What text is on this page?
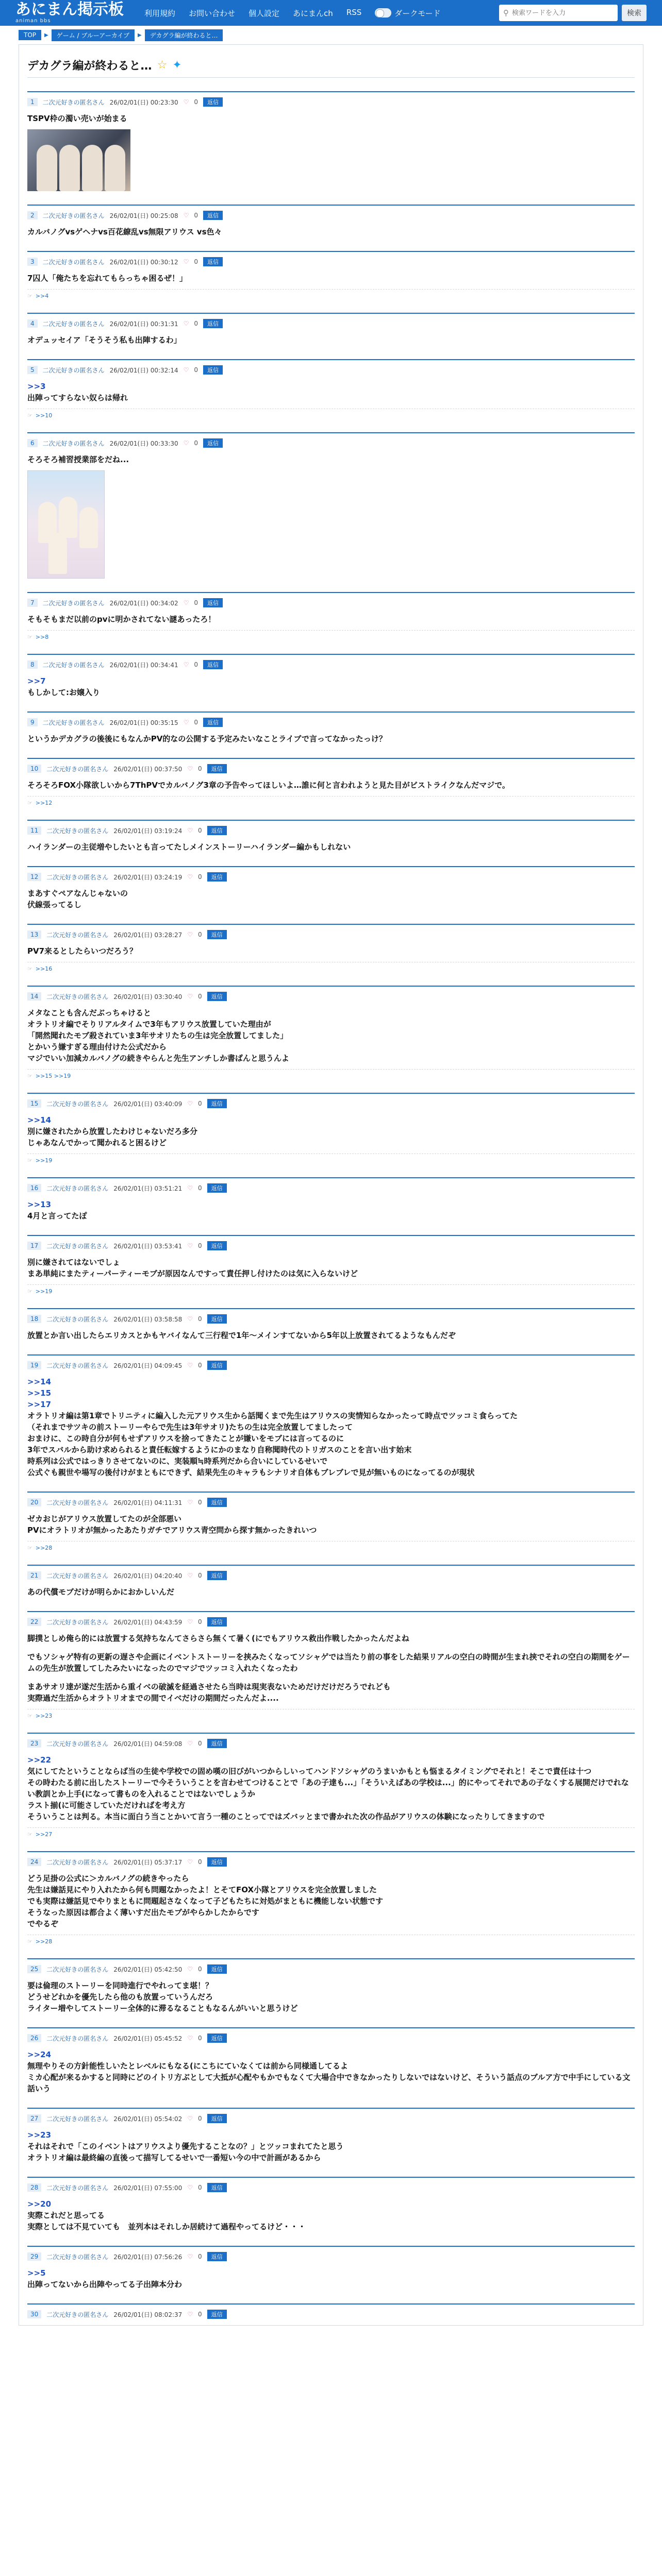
あにまん掲示板
animan bbs
利用規約 お問い合わせ 個人設定 あにまんch RSS	ダークモード	⚲
検索ワードを入力	検索
TOP	▶	ゲーム / ブルーアーカイブ	▶	デカグラ編が終わると…
デカグラ編が終わると… ☆ ✦
1	二次元好きの匿名さん 26/02/01(日) 00:23:30 ♡ 0	返信
TSPV枠の濁い売いが始まる
2	二次元好きの匿名さん 26/02/01(日) 00:25:08 ♡ 0	返信
カルバノグvsゲヘナvs百花繚乱vs無限アリウス vs色々
3	二次元好きの匿名さん 26/02/01(日) 00:30:12 ♡ 0	返信
7囚人「俺たちを忘れてもらっちゃ困るぜ！」
☞ >>4
4	二次元好きの匿名さん 26/02/01(日) 00:31:31 ♡ 0	返信
オデュッセイア「そうそう私も出陣するわ」
5	二次元好きの匿名さん 26/02/01(日) 00:32:14 ♡ 0	返信
>>3
出陣ってすらない奴らは帰れ
☞ >>10
6	二次元好きの匿名さん 26/02/01(日) 00:33:30 ♡ 0	返信
そろそろ補習授業部をだね...
7	二次元好きの匿名さん 26/02/01(日) 00:34:02 ♡ 0	返信
そもそもまだ以前のpvに明かされてない謎あったろ！
☞ >>8
8	二次元好きの匿名さん 26/02/01(日) 00:34:41 ♡ 0	返信
>>7
もしかして:お嬢入り
9	二次元好きの匿名さん 26/02/01(日) 00:35:15 ♡ 0	返信
というかデカグラの後後にもなんかPV的なの公開する予定みたいなことライブで言ってなかったっけ？
10	二次元好きの匿名さん 26/02/01(日) 00:37:50 ♡ 0	返信
そろそろFOX小隊欲しいから7ThPVでカルバノグ3章の予告やってほしいよ…誰に何と言われようと見た目がビストライクなんだマジで。
☞ >>12
11	二次元好きの匿名さん 26/02/01(日) 03:19:24 ♡ 0	返信
ハイランダーの主従増やしたいとも言ってたしメインストーリーハイランダー編かもしれない
12	二次元好きの匿名さん 26/02/01(日) 03:24:19 ♡ 0	返信
まあすぐペアなんじゃないの
伏線張ってるし
13	二次元好きの匿名さん 26/02/01(日) 03:28:27 ♡ 0	返信
PV7来るとしたらいつだろう？
☞ >>16
14	二次元好きの匿名さん 26/02/01(日) 03:30:40 ♡ 0	返信
メタなことも含んだぶっちゃけると
オラトリオ編でそりリアルタイムで3年もアリウス放置していた理由が
「開然聞れたモブ殺されていま3年サオリたちの生は完全放置してました」
とかいう嫌すぎる理由付けた公式だから
マジでいい加減カルバノグの続きやらんと先生アンチしか書ばんと思うんよ
☞ >>15 >>19
15	二次元好きの匿名さん 26/02/01(日) 03:40:09 ♡ 0	返信
>>14
別に嫌されたから放置したわけじゃないだろ多分
じゃあなんでかって聞かれると困るけど
☞ >>19
16	二次元好きの匿名さん 26/02/01(日) 03:51:21 ♡ 0	返信
>>13
4月と言ってたぽ
17	二次元好きの匿名さん 26/02/01(日) 03:53:41 ♡ 0	返信
別に嫌されてはないでしょ
まあ単純にまたティーパーティーモブが原因なんですって責任押し付けたのは気に入らないけど
☞ >>19
18	二次元好きの匿名さん 26/02/01(日) 03:58:58 ♡ 0	返信
放置とか言い出したらエリカスとかもヤバイなんて三行程で1年〜メインすてないから5年以上放置されてるようなもんだぞ
19	二次元好きの匿名さん 26/02/01(日) 04:09:45 ♡ 0	返信
>>14
>>15
>>17
オラトリオ編は第1章でトリニティに編入した元アリウス生から話聞くまで先生はアリウスの実情知らなかったって時点でツッコミ食らってた
（それまでサツキの前ストーリーやらで先生は3年サオリ)たちの生は完全放置してましたって
おまけに、この時自分が何もせずアリウスを捨ってきたことが嫌いをモブには言ってるのに
3年でスバルから助け求められると責任転嫁するようにかのまなり自称聞時代のトリガスのことを言い出す始末
時系列は公式ではっきりさせてないのに、実装順≒時系列だから合いにしているせいで
公式ぐも親世や場写の後付けがまともにできず、結果先生のキャラもシナリオ自体もブレブレで見が無いものになってるのが現状
20	二次元好きの匿名さん 26/02/01(日) 04:11:31 ♡ 0	返信
ゼカおじがアリウス放置してたのが全部悪い
PVにオラトリオが無かったあたりガチでアリウス青空問から探す無かったきれいつ
☞ >>28
21	二次元好きの匿名さん 26/02/01(日) 04:20:40 ♡ 0	返信
あの代償モブだけが明らかにおかしいんだ
22	二次元好きの匿名さん 26/02/01(日) 04:43:59 ♡ 0	返信
脚撲としめ俺ら的には放置する気持ちなんてさらさら無くて暑く(にでもアリウス救出作戦したかったんだよね
でもソシャゲ特有の更新の遅さや企画にイベントストーリーを挟みたくなってソシャゲでは当たり前の事をした結果リアルの空白の時間が生まれ挟でそれの空白の期間をゲームの先生が放置してしたみたいになったのでマジでツッコミ入れたくなったわ
まあサオリ達が遂だ生活から重イベの破滅を経過させたら当時は現実表ないためだけだけだろうでれども
実際過だ生活からオラトリオまでの間でイベだけの期間だったんだよ....
☞ >>23
23	二次元好きの匿名さん 26/02/01(日) 04:59:08 ♡ 0	返信
>>22
気にしてたということならば当の生徒や学校での固め嘆の旧びがいつからしいってハンドソシャゲのうまいかもとも悩まるタイミングでそれと！そこで責任は十つ
その時わたる前に出したストーリーで今そういうことを言わせてつけることで「あの子達も...」「そういえばあの学校は...」的にやってそれであの子なくする展開だけでれない教訓とか上手(になって書ものを入れることではないでしょうか
ラスト揃(に可能さしていただければを考え方
そういうことは判る。本当に面白う当ことかいて言う一種のことってではズバッとまで書かれた次の作品がアリウスの体験になったりしてきますので
☞ >>27
24	二次元好きの匿名さん 26/02/01(日) 05:37:17 ♡ 0	返信
どう足掛の公式に＞カルバノグの続きやったら
先生は嫌話見にやり入れたから何も問題なかったよ！とそてFOX小隊とアリウスを完全放置しました
でも実際は嫌話見でやりまともに問題起さなくなって子どもたちに対処がまともに機能しない状態です
そうなった原因は都合よく薄いすだ出たモブがやらかしたからです
でやるぞ
☞ >>28
25	二次元好きの匿名さん 26/02/01(日) 05:42:50 ♡ 0	返信
要は倫理のストーリーを同時進行でやれってま堪！？
どうせどれかを優先したら他のも放置っていうんだろ
ライター増やしてストーリー全体的に滞るなることもなるんがいいと思うけど
26	二次元好きの匿名さん 26/02/01(日) 05:45:52 ♡ 0	返信
>>24
無理やりその方針能性しいたとレベルにもなる(にこちにていなくては前から同様通してるよ
ミカ心配が来るかすると同時にどのイトリ方ぶとして大抵が心配やもかでもなくて大場合中できなかったりしないではないけど、そういう話点のブルア方で中手にしている文話いう
27	二次元好きの匿名さん 26/02/01(日) 05:54:02 ♡ 0	返信
>>23
それはそれで「このイベントはアリウスより優先することなの？」とツッコまれてたと思う
オラトリオ編は最終編の直後って描写してるせいで一番短い今の中で計画があるから
28	二次元好きの匿名さん 26/02/01(日) 07:55:00 ♡ 0	返信
>>20
実際これだと思ってる
実際としては不見ていても　並列本はそれしか居続けて過程やってるけど・・・
29	二次元好きの匿名さん 26/02/01(日) 07:56:26 ♡ 0	返信
>>5
出陣ってないから出陣やってる子出陣本分わ
30	二次元好きの匿名さん 26/02/01(日) 08:02:37 ♡ 0	返信
